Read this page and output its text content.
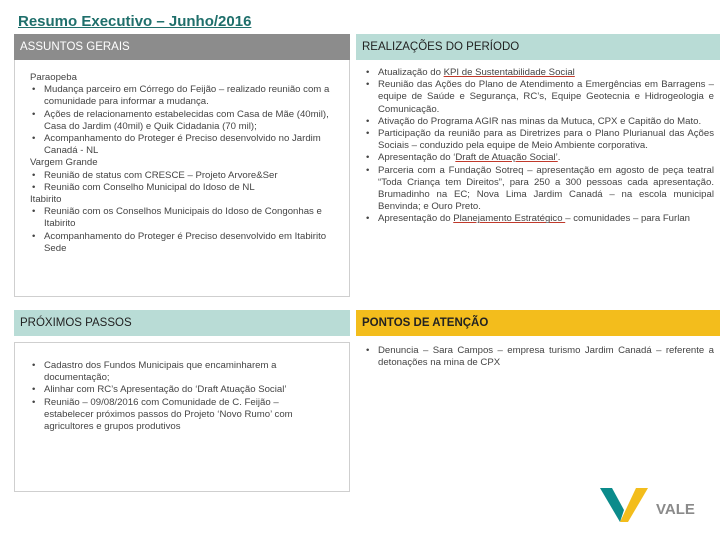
Resumo Executivo – Junho/2016
ASSUNTOS GERAIS
Paraopeba
• Mudança parceiro em Córrego do Feijão – realizado reunião com a comunidade para informar a mudança.
• Ações de relacionamento estabelecidas com Casa de Mãe (40mil), Casa do Jardim (40mil) e Quik Cidadania (70 mil);
• Acompanhamento do Proteger é Preciso desenvolvido no Jardim Canadá - NL
Vargem Grande
• Reunião de status com CRESCE – Projeto Arvore&Ser
• Reunião com Conselho Municipal do Idoso de NL
Itabirito
• Reunião com os Conselhos Municipais do Idoso de Congonhas e Itabirito
• Acompanhamento do Proteger é Preciso desenvolvido em Itabirito Sede
REALIZAÇÕES DO PERÍODO
• Atualização do KPI de Sustentabilidade Social
• Reunião das Ações do Plano de Atendimento a Emergências em Barragens – equipe de Saúde e Segurança, RC’s, Equipe Geotecnia e Hidrogeologia e Comunicação.
• Ativação do Programa AGIR nas minas da Mutuca, CPX e Capitão do Mato.
• Participação da reunião para as Diretrizes para o Plano Plurianual das Ações Sociais – conduzido pela equipe de Meio Ambiente corporativa.
• Apresentação do ‘Draft de Atuação Social’.
• Parceria com a Fundação Sotreq – apresentação em agosto de peça teatral “Toda Criança tem Direitos”, para 250 a 300 pessoas cada apresentação. Brumadinho na EC; Nova Lima Jardim Canadá – na escola municipal Benvinda; e Ouro Preto.
• Apresentação do Planejamento Estratégico – comunidades – para Furlan
PRÓXIMOS PASSOS
• Cadastro dos Fundos Municipais que encaminharem a documentação;
• Alinhar com RC’s Apresentação do ‘Draft Atuação Social’
• Reunião – 09/08/2016 com Comunidade de C. Feijão – estabelecer próximos passos do Projeto ‘Novo Rumo’ com agricultores e grupos produtivos
PONTOS DE ATENÇÃO
• Denuncia – Sara Campos – empresa turismo Jardim Canadá – referente a detonações na mina de CPX
VALE
